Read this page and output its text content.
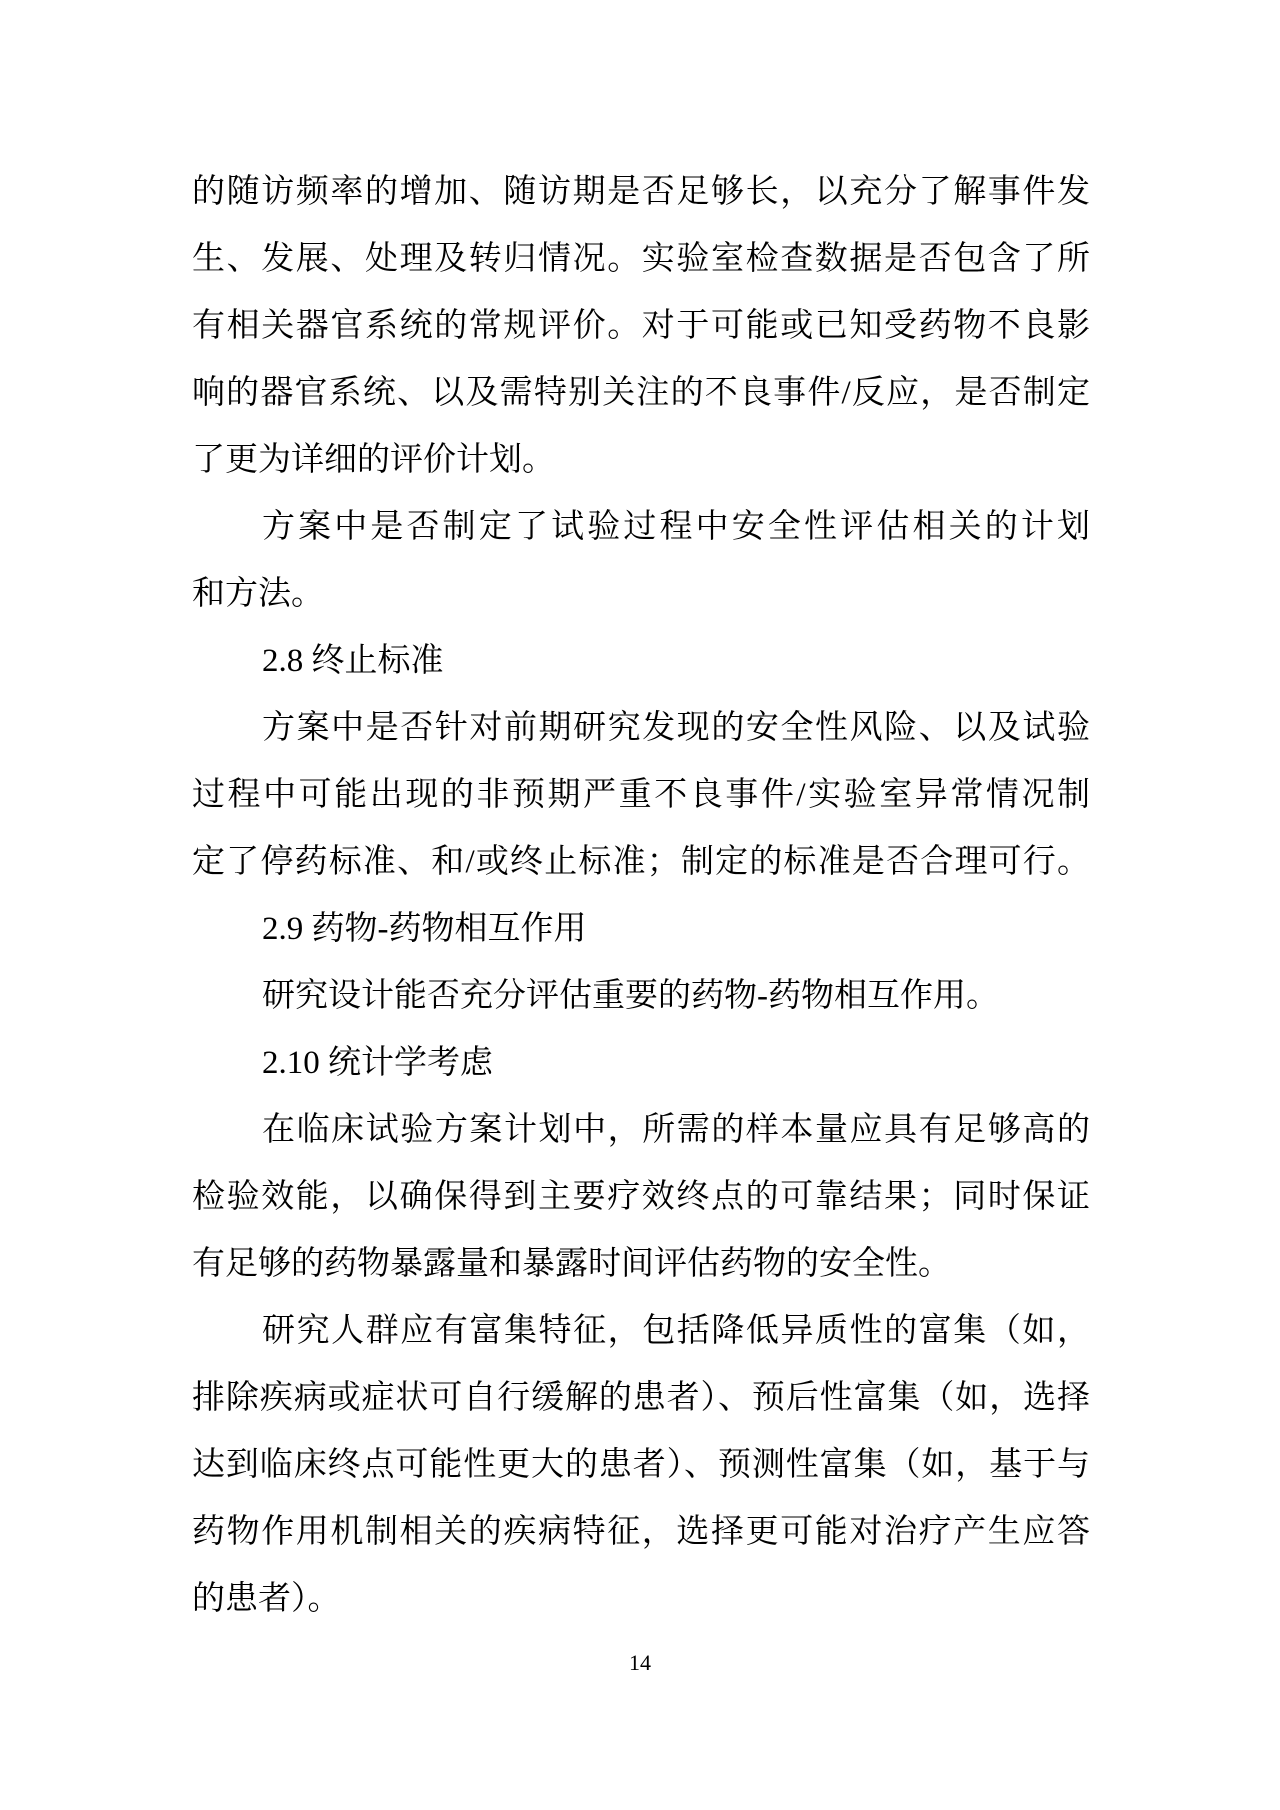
的随访频率的增加、随访期是否足够长，以充分了解事件发
生、发展、处理及转归情况。实验室检查数据是否包含了所
有相关器官系统的常规评价。对于可能或已知受药物不良影
响的器官系统、以及需特别关注的不良事件/反应，是否制定
了更为详细的评价计划。
方案中是否制定了试验过程中安全性评估相关的计划
和方法。
2.8 终止标准
方案中是否针对前期研究发现的安全性风险、以及试验
过程中可能出现的非预期严重不良事件/实验室异常情况制
定了停药标准、和/或终止标准；制定的标准是否合理可行。
2.9 药物-药物相互作用
研究设计能否充分评估重要的药物-药物相互作用。
2.10 统计学考虑
在临床试验方案计划中，所需的样本量应具有足够高的
检验效能，以确保得到主要疗效终点的可靠结果；同时保证
有足够的药物暴露量和暴露时间评估药物的安全性。
研究人群应有富集特征，包括降低异质性的富集（如，
排除疾病或症状可自行缓解的患者）、预后性富集（如，选择
达到临床终点可能性更大的患者）、预测性富集（如，基于与
药物作用机制相关的疾病特征，选择更可能对治疗产生应答
的患者）。
14
